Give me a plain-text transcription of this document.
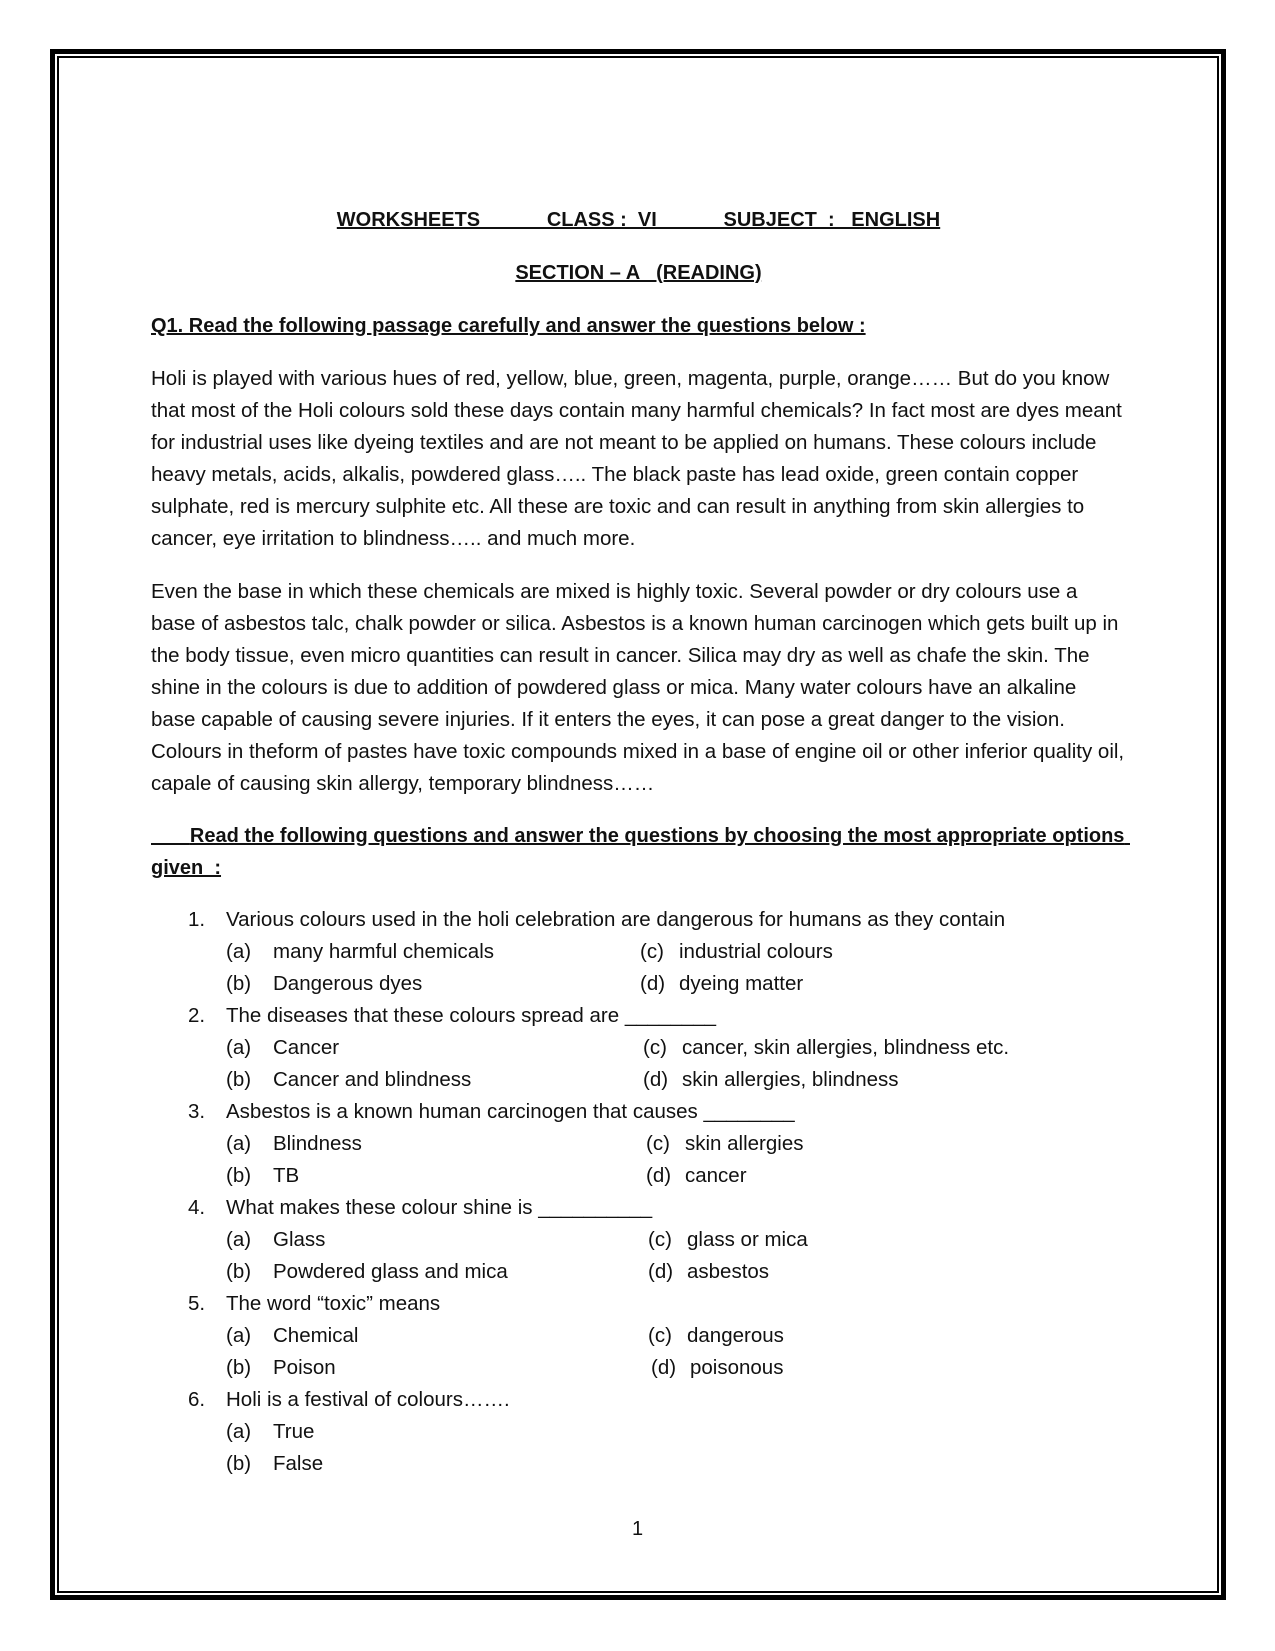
WORKSHEETS            CLASS :  VI            SUBJECT  :   ENGLISH

SECTION – A   (READING)

Q1. Read the following passage carefully and answer the questions below :

Holi is played with various hues of red, yellow, blue, green, magenta, purple, orange…… But do you know that most of the Holi colours sold these days contain many harmful chemicals? In fact most are dyes meant for industrial uses like dyeing textiles and are not meant to be applied on humans. These colours include heavy metals, acids, alkalis, powdered glass….. The black paste has lead oxide, green contain copper sulphate, red is mercury sulphite etc. All these are toxic and can result in anything from skin allergies to cancer, eye irritation to blindness….. and much more.

Even the base in which these chemicals are mixed is highly toxic. Several powder or dry colours use a base of asbestos talc, chalk powder or silica. Asbestos is a known human carcinogen which gets built up in the body tissue, even micro quantities can result in cancer. Silica may dry as well as chafe the skin. The shine in the colours is due to addition of powdered glass or mica. Many water colours have an alkaline base capable of causing severe injuries. If it enters the eyes, it can pose a great danger to the vision. Colours in theform of pastes have toxic compounds mixed in a base of engine oil or other inferior quality oil, capale of causing skin allergy, temporary blindness……

Read the following questions and answer the questions by choosing the most appropriate options given  :

1. Various colours used in the holi celebration are dangerous for humans as they contain
(a) many harmful chemicals	(c) industrial colours
(b) Dangerous dyes	(d) dyeing matter
2. The diseases that these colours spread are ________
(a) Cancer	(c) cancer, skin allergies, blindness etc.
(b) Cancer and blindness	(d) skin allergies, blindness
3. Asbestos is a known human carcinogen that causes ________
(a) Blindness	(c) skin allergies
(b) TB	(d) cancer
4. What makes these colour shine is __________
(a) Glass	(c) glass or mica
(b) Powdered glass and mica	(d) asbestos
5. The word “toxic” means
(a) Chemical	(c) dangerous
(b) Poison	(d) poisonous
6. Holi is a festival of colours…….
(a) True
(b) False
1
